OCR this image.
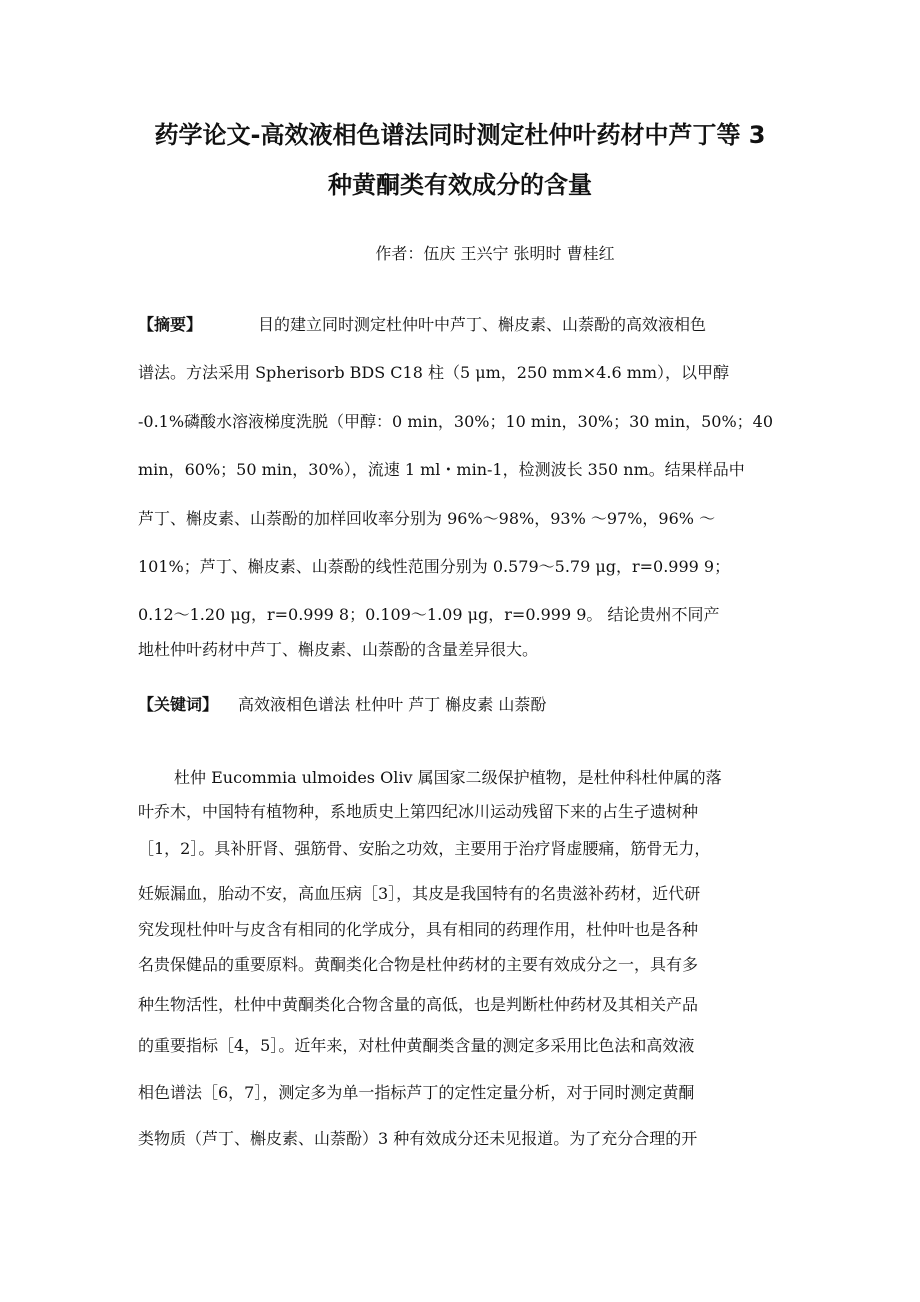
药学论文-高效液相色谱法同时测定杜仲叶药材中芦丁等 3
种黄酮类有效成分的含量
作者：伍庆 王兴宁 张明时 曹桂红
【摘要】	目的建立同时测定杜仲叶中芦丁、槲皮素、山萘酚的高效液相色
谱法。方法采用 Spherisorb BDS C18 柱（5 μm，250 mm×4.6 mm），以甲醇
-0.1%磷酸水溶液梯度洗脱（甲醇：0 min，30%；10 min，30%；30 min，50%；40
min，60%；50 min，30%），流速 1 ml・min-1，检测波长 350 nm。结果样品中
芦丁、槲皮素、山萘酚的加样回收率分别为 96%～98%，93% ～97%，96% ～
101%；芦丁、槲皮素、山萘酚的线性范围分别为 0.579～5.79 μg，r=0.999 9；
0.12～1.20 μg，r=0.999 8；0.109～1.09 μg，r=0.999 9。 结论贵州不同产
地杜仲叶药材中芦丁、槲皮素、山萘酚的含量差异很大。
【关键词】 高效液相色谱法 杜仲叶 芦丁 槲皮素 山萘酚
杜仲 Eucommia ulmoides Oliv 属国家二级保护植物，是杜仲科杜仲属的落
叶乔木，中国特有植物种，系地质史上第四纪冰川运动残留下来的占生孑遗树种
［1，2］。具补肝肾、强筋骨、安胎之功效，主要用于治疗肾虚腰痛，筋骨无力，
妊娠漏血，胎动不安，高血压病［3］，其皮是我国特有的名贵滋补药材，近代研
究发现杜仲叶与皮含有相同的化学成分，具有相同的药理作用，杜仲叶也是各种
名贵保健品的重要原料。黄酮类化合物是杜仲药材的主要有效成分之一，具有多
种生物活性，杜仲中黄酮类化合物含量的高低，也是判断杜仲药材及其相关产品
的重要指标［4，5］。近年来，对杜仲黄酮类含量的测定多采用比色法和高效液
相色谱法［6，7］，测定多为单一指标芦丁的定性定量分析，对于同时测定黄酮
类物质（芦丁、槲皮素、山萘酚）3 种有效成分还未见报道。为了充分合理的开
